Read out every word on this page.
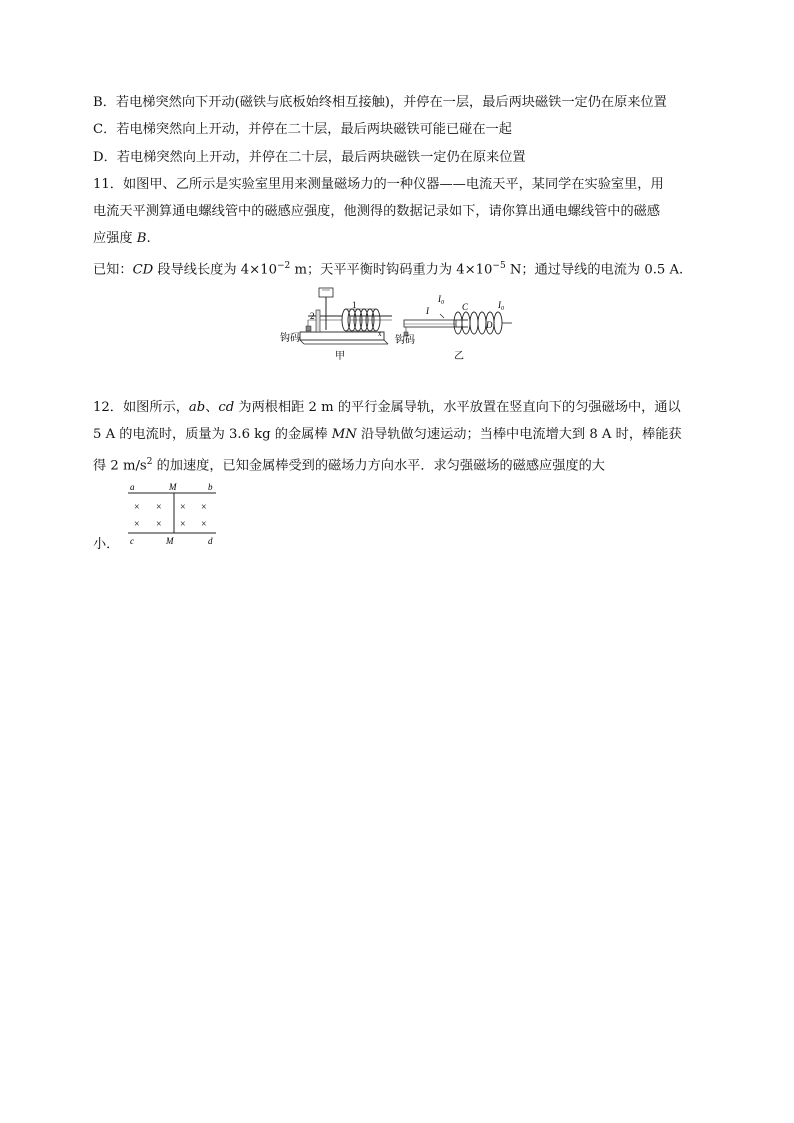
B．若电梯突然向下开动(磁铁与底板始终相互接触)，并停在一层，最后两块磁铁一定仍在原来位置
C．若电梯突然向上开动，并停在二十层，最后两块磁铁可能已碰在一起
D．若电梯突然向上开动，并停在二十层，最后两块磁铁一定仍在原来位置
11．如图甲、乙所示是实验室里用来测量磁场力的一种仪器——电流天平，某同学在实验室里，用
电流天平测算通电螺线管中的磁感应强度，他测得的数据记录如下，请你算出通电螺线管中的磁感
应强度 B.
已知：CD 段导线长度为 $4\times 10^{-2}$ m；天平平衡时钩码重力为 $4\times 10^{-5}$ N；通过导线的电流为 0.5 A.
1
2
x
钩码
甲
I
$I_0$ C
D
$I_0$
钩码
乙
12．如图所示，ab、cd 为两根相距 2 m 的平行金属导轨，水平放置在竖直向下的匀强磁场中，通以
5 A 的电流时，质量为 3.6 kg 的金属棒 MN 沿导轨做匀速运动；当棒中电流增大到 8 A 时，棒能获
得 2 $m/s^2$ 的加速度，已知金属棒受到的磁场力方向水平．求匀强磁场的磁感应强度的大
a	M	b
× × × ×
× × × ×
c	M	d
小．
